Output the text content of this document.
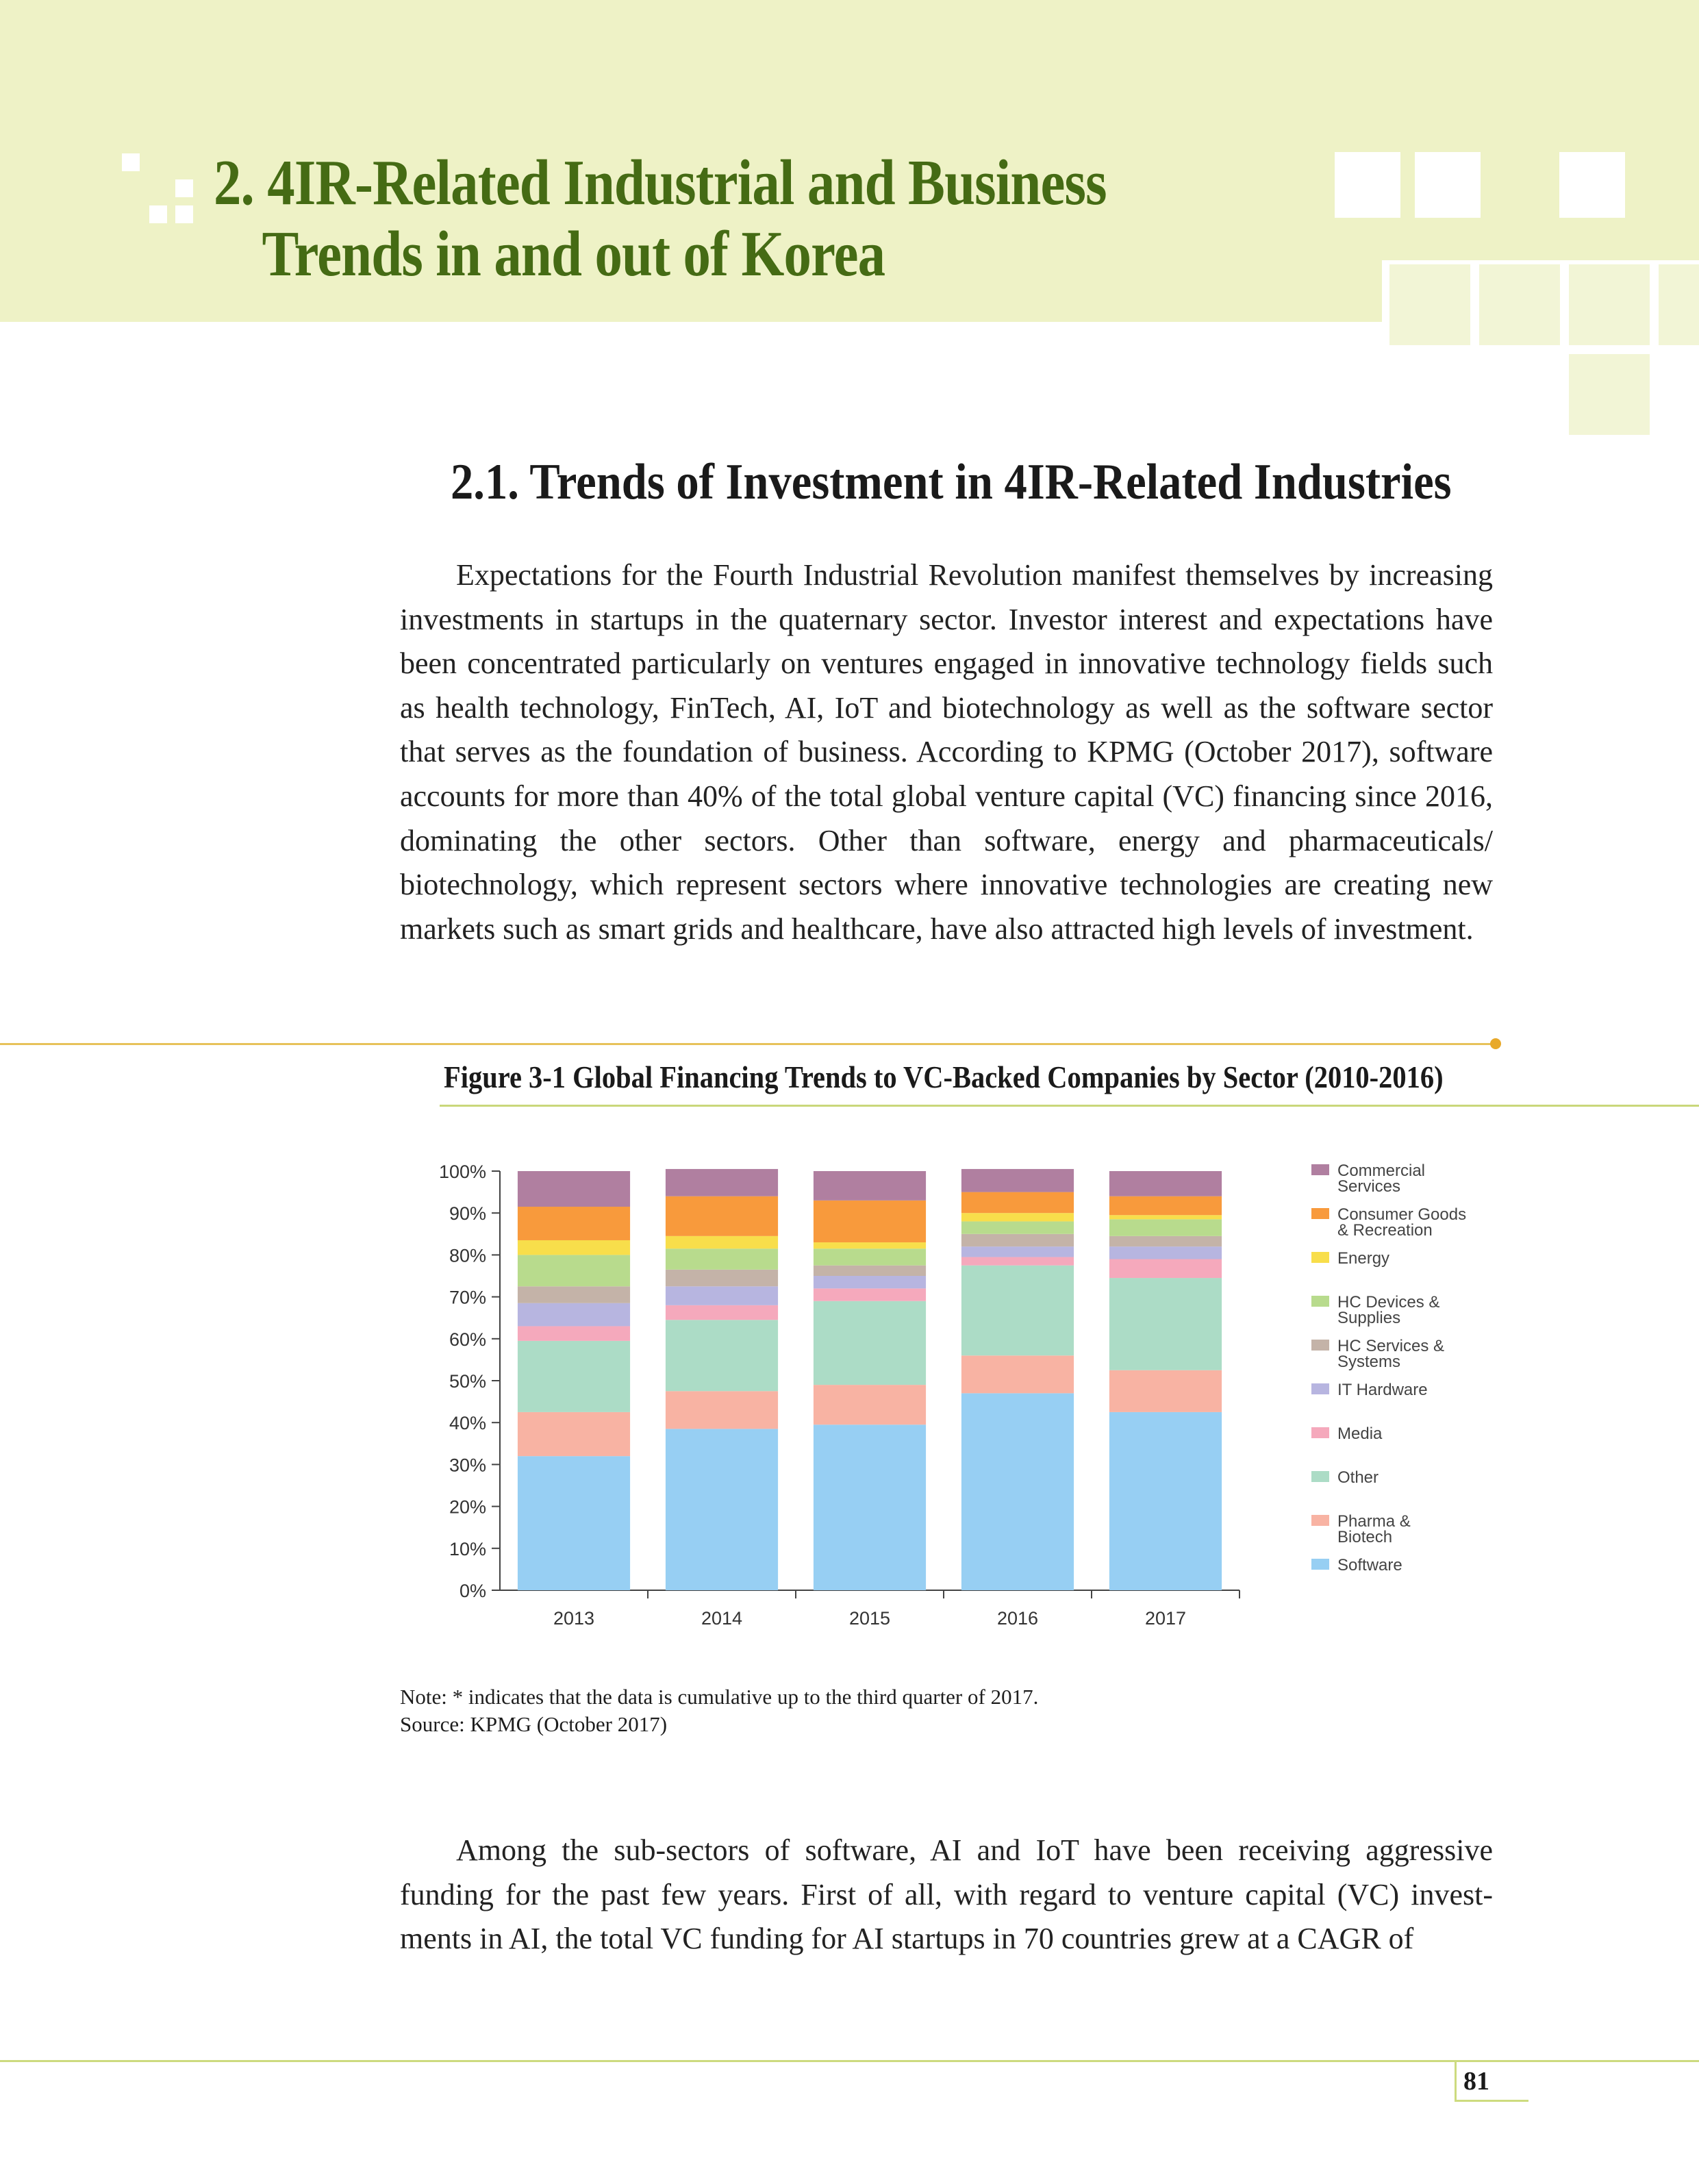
2. 4IR-Related Industrial and Business
Trends in and out of Korea
2.1. Trends of Investment in 4IR-Related Industries

Expectations for the Fourth Industrial Revolution manifest themselves by increasing investments in startups in the quaternary sector. Investor interest and expectations have been concentrated particularly on ventures engaged in innovative technology fields such as health technology, FinTech, AI, IoT and biotechnology as well as the software sector that serves as the foundation of business. According to KPMG (October 2017), software accounts for more than 40% of the total global venture capital (VC) financing since 2016, dominating the other sectors. Other than software, energy and pharmaceuticals/ biotechnology, which represent sectors where innovative technologies are creating new markets such as smart grids and healthcare, have also attracted high levels of investment.

Figure 3-1 Global Financing Trends to VC-Backed Companies by Sector (2010-2016)
0%
10%
20%
30%
40%
50%
60%
70%
80%
90%
100%
2013	2014	2015	2016	2017
Commercial Services
Consumer Goods & Recreation
Energy
HC Devices & Supplies
HC Services & Systems
IT Hardware
Media
Other
Pharma & Biotech
Software

Note: * indicates that the data is cumulative up to the third quarter of 2017.
Source: KPMG (October 2017)

Among the sub-sectors of software, AI and IoT have been receiving aggressive funding for the past few years. First of all, with regard to venture capital (VC) invest- ments in AI, the total VC funding for AI startups in 70 countries grew at a CAGR of

81
